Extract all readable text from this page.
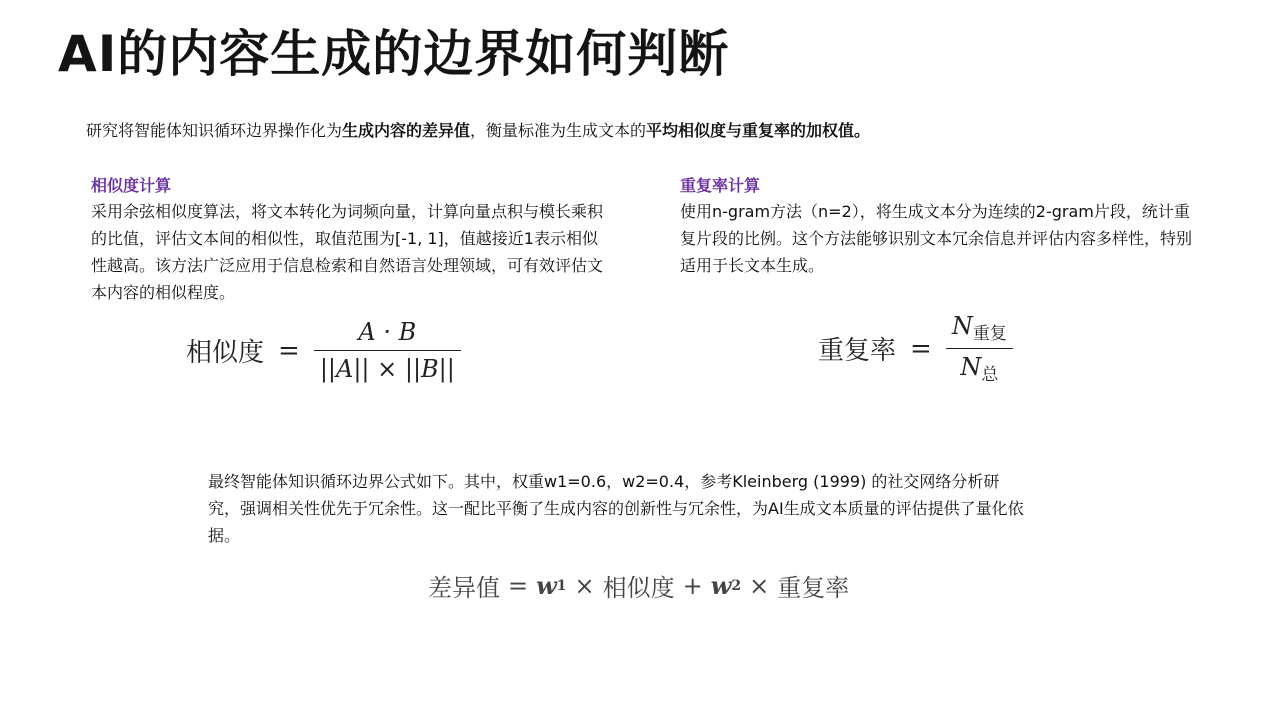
AI的内容生成的边界如何判断
研究将智能体知识循环边界操作化为生成内容的差异值，衡量标准为生成文本的平均相似度与重复率的加权值。
相似度计算
采用余弦相似度算法，将文本转化为词频向量，计算向量点积与模长乘积的比值，评估文本间的相似性，取值范围为[-1, 1]，值越接近1表示相似性越高。该方法广泛应用于信息检索和自然语言处理领域，可有效评估文本内容的相似程度。
重复率计算
使用n-gram方法（n=2），将生成文本分为连续的2-gram片段，统计重复片段的比例。这个方法能够识别文本冗余信息并评估内容多样性，特别适用于长文本生成。
相似度 = $\frac{A \cdot B}{||A|| \times ||B||}$	重复率 = $\frac{N_{重复}}{N_总}$
最终智能体知识循环边界公式如下。其中，权重w1=0.6，w2=0.4，参考Kleinberg (1999) 的社交网络分析研究，强调相关性优先于冗余性。这一配比平衡了生成内容的创新性与冗余性，为AI生成文本质量的评估提供了量化依据。
差异值 = w 1 × 相似度 + w 2 × 重复率
